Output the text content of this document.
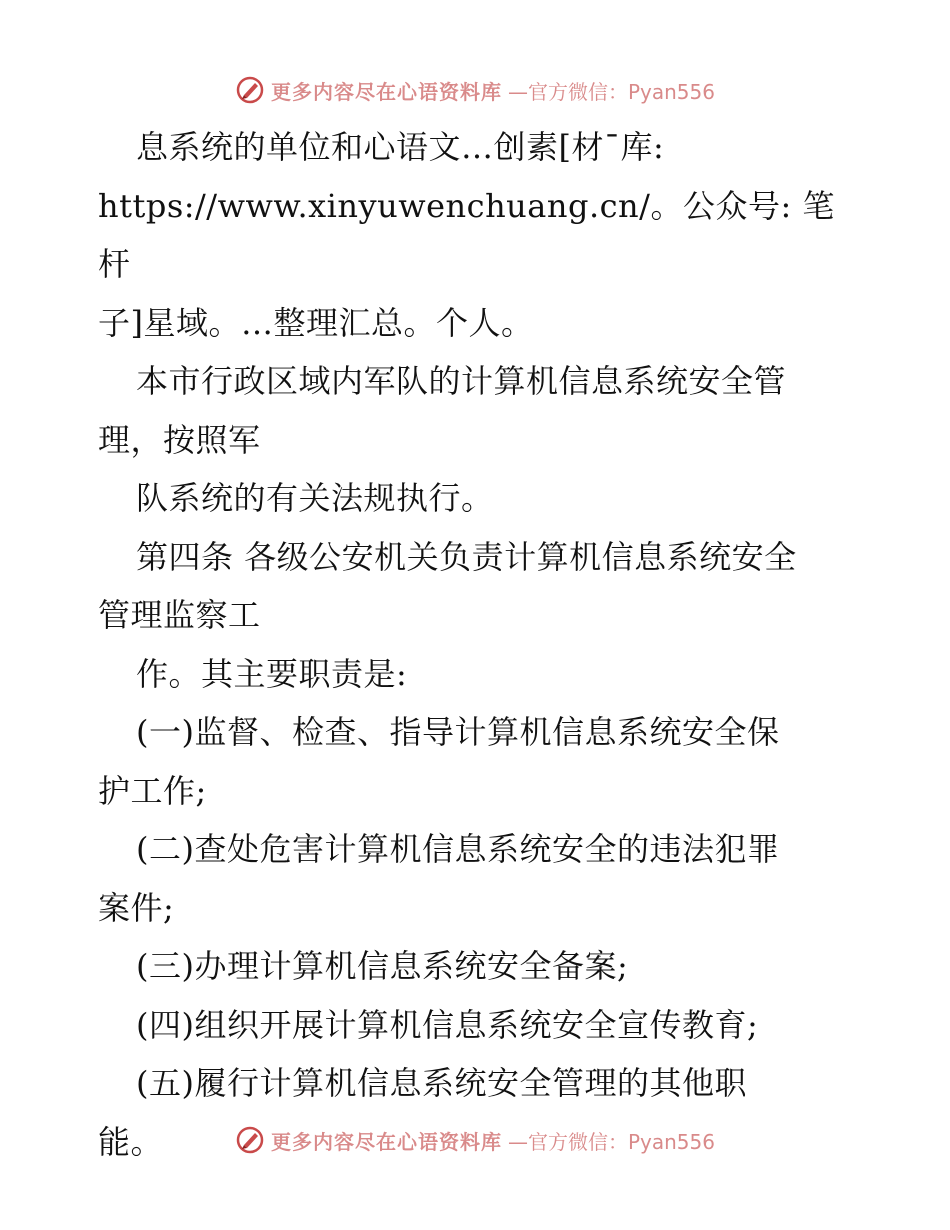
更多内容尽在心语资料库 —官方微信：Pyan556

息系统的单位和心语文…创素[材¯库:

https://www.xinyuwenchuang.cn/。公众号: 笔杆

子]星域。…整理汇总。个人。

本市行政区域内军队的计算机信息系统安全管

理，按照军

队系统的有关法规执行。

第四条 各级公安机关负责计算机信息系统安全

管理监察工

作。其主要职责是:

(一)监督、检查、指导计算机信息系统安全保

护工作;

(二)查处危害计算机信息系统安全的违法犯罪

案件;

(三)办理计算机信息系统安全备案;

(四)组织开展计算机信息系统安全宣传教育;

(五)履行计算机信息系统安全管理的其他职

能。	更多内容尽在心语资料库 —官方微信：Pyan556
